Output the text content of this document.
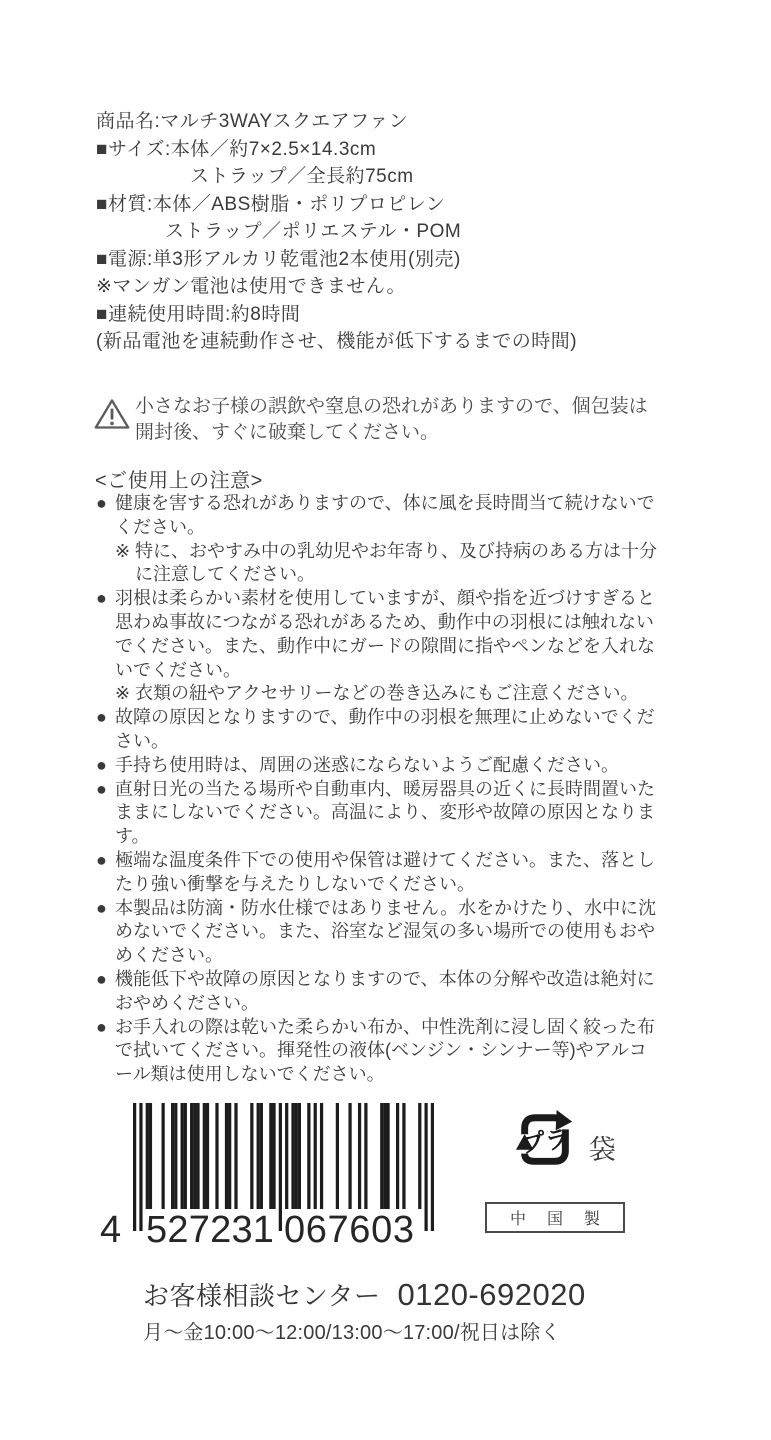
商品名:マルチ3WAYスクエアファン
■サイズ:本体／約7×2.5×14.3cm
ストラップ／全長約75cm
■材質:本体／ABS樹脂・ポリプロピレン
ストラップ／ポリエステル・POM
■電源:単3形アルカリ乾電池2本使用(別売)
※マンガン電池は使用できません。
■連続使用時間:約8時間
(新品電池を連続動作させ、機能が低下するまでの時間)
小さなお子様の誤飲や窒息の恐れがありますので、個包装は開封後、すぐに破棄してください。
<ご使用上の注意>
● 健康を害する恐れがありますので、体に風を長時間当て続けないでください。
※ 特に、おやすみ中の乳幼児やお年寄り、及び持病のある方は十分に注意してください。
● 羽根は柔らかい素材を使用していますが、顔や指を近づけすぎると思わぬ事故につながる恐れがあるため、動作中の羽根には触れないでください。また、動作中にガードの隙間に指やペンなどを入れないでください。
※ 衣類の紐やアクセサリーなどの巻き込みにもご注意ください。
● 故障の原因となりますので、動作中の羽根を無理に止めないでください。
● 手持ち使用時は、周囲の迷惑にならないようご配慮ください。
● 直射日光の当たる場所や自動車内、暖房器具の近くに長時間置いたままにしないでください。高温により、変形や故障の原因となります。
● 極端な温度条件下での使用や保管は避けてください。また、落としたり強い衝撃を与えたりしないでください。
● 本製品は防滴・防水仕様ではありません。水をかけたり、水中に沈めないでください。また、浴室など湿気の多い場所での使用もおやめください。
● 機能低下や故障の原因となりますので、本体の分解や改造は絶対におやめください。
● お手入れの際は乾いた柔らかい布か、中性洗剤に浸し固く絞った布で拭いてください。揮発性の液体(ベンジン・シンナー等)やアルコール類は使用しないでください。
4 5 2 7 2 3 1 0 6 7 6 0 3
プラ 袋
中国製
お客様相談センター 0120-692020
月〜金10:00〜12:00/13:00〜17:00/祝日は除く
